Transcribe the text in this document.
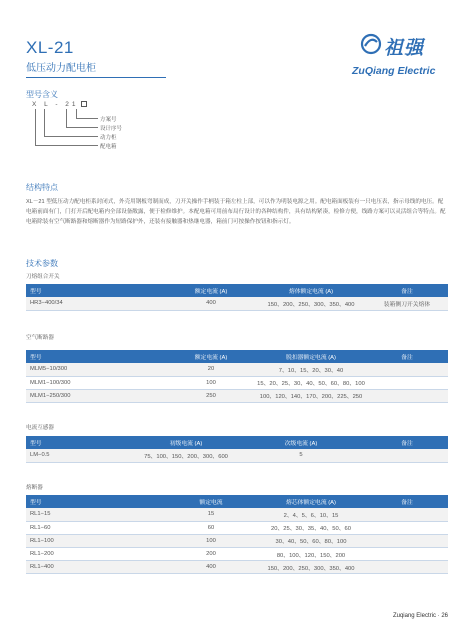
XL-21
低压动力配电柜
祖强
ZuQiang Electric
型号含义
X L - 21
方案号
设计序号
动力柜
配电箱
结构特点
XL－21 型低压动力配电柜系封闭式，外壳用钢板弯制而成，刀开关操作手柄装于箱左柱上部，可以作为明装电源之用。配电箱面板装有一只电压表，指示母线的电压。配电箱前面有门，门打开后配电箱内全部设备敞露，便于检修维护。本配电箱可用前布局行设计的各种结构件，具有结构紧凑，检修方便，线路方案可以灵活组合等特点。配电箱除装有空气断路器和熔断器作为短路保护外，还装有接触器和热继电器，箱前门可按操作按钮和指示灯。
技术参数
刀熔组合开关
型号	额定电流 (A)	熔体额定电流 (A)	备注
HR3−400/34	400	150、200、250、300、350、400	装箱侧刀开关熔体
空气断路器
型号	额定电流 (A)	脱扣器额定电流 (A)	备注
MLM5−10/300	20	7、10、15、20、30、40	
MLM1−100/300	100	15、20、25、30、40、50、60、80、100	
MLM1−250/300	250	100、120、140、170、200、225、250	
电流互感器
型号	初级电流 (A)	次级电流 (A)	备注
LM−0.5	75、100、150、200、300、600	5	
熔断器
型号	额定电流	熔芯体额定电流 (A)	备注
RL1−15	15	2、4、5、6、10、15	
RL1−60	60	20、25、30、35、40、50、60	
RL1−100	100	30、40、50、60、80、100	
RL1−200	200	80、100、120、150、200	
RL1−400	400	150、200、250、300、350、400	
Zuqiang Electric · 26
